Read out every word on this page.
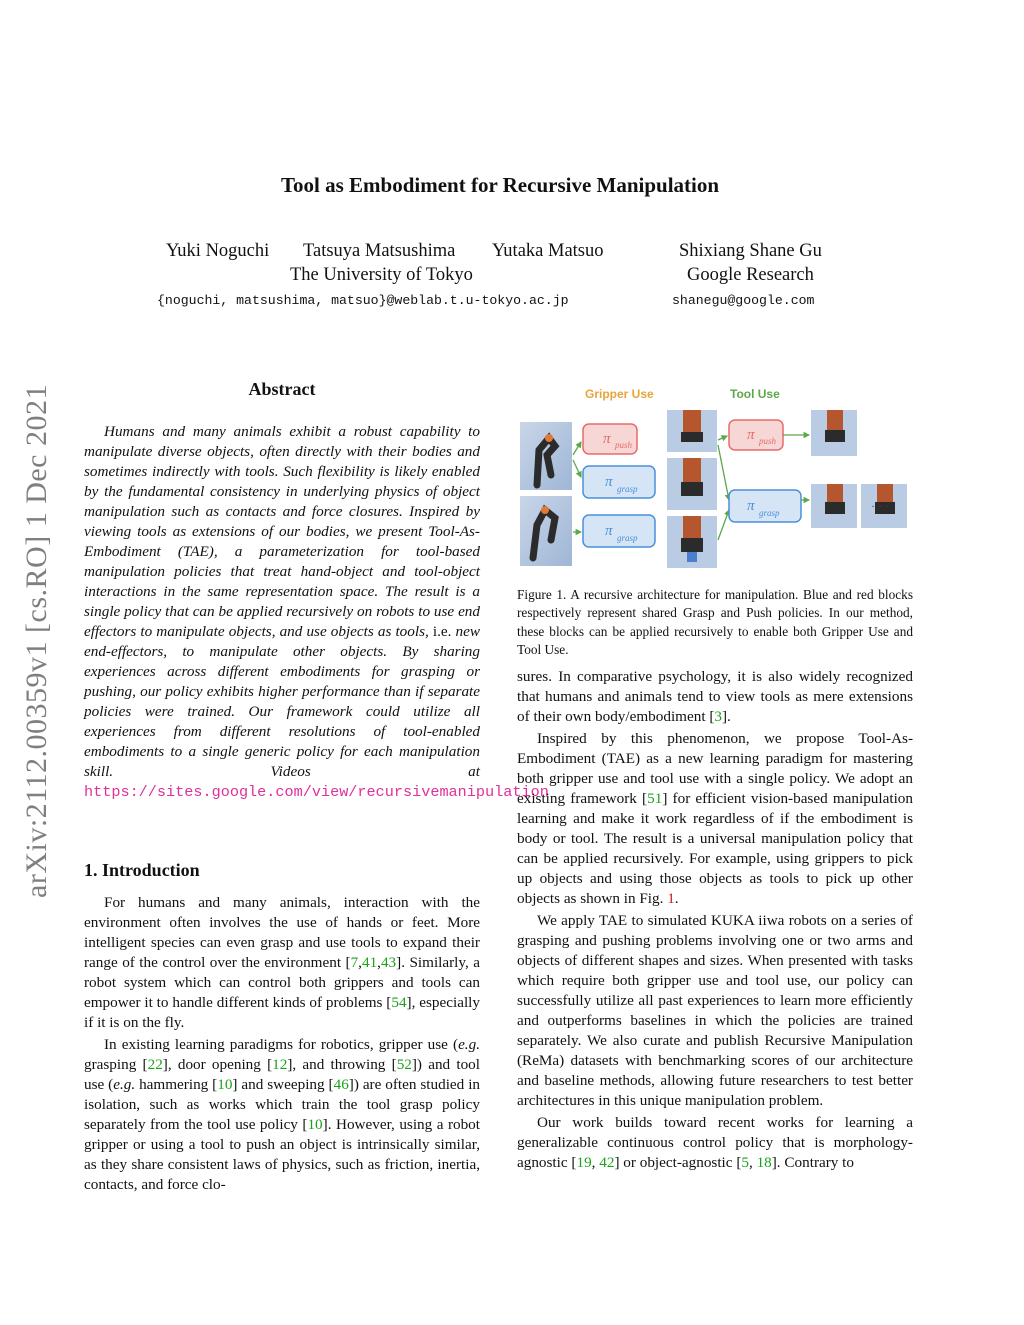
arXiv:2112.00359v1 [cs.RO] 1 Dec 2021
Tool as Embodiment for Recursive Manipulation
Yuki Noguchi Tatsuya Matsushima Yutaka Matsuo	Shixiang Shane Gu
The University of Tokyo	Google Research
{noguchi, matsushima, matsuo}@weblab.t.u-tokyo.ac.jp	shanegu@google.com
Abstract

Humans and many animals exhibit a robust capability to manipulate diverse objects, often directly with their bodies and sometimes indirectly with tools. Such flexibility is likely enabled by the fundamental consistency in underlying physics of object manipulation such as contacts and force closures. Inspired by viewing tools as extensions of our bodies, we present Tool-As-Embodiment (TAE), a parameterization for tool-based manipulation policies that treat hand-object and tool-object interactions in the same representation space. The result is a single policy that can be applied recursively on robots to use end effectors to manipulate objects, and use objects as tools, i.e. new end-effectors, to manipulate other objects. By sharing experiences across different embodiments for grasping or pushing, our policy exhibits higher performance than if separate policies were trained. Our framework could utilize all experiences from different resolutions of tool-enabled embodiments to a single generic policy for each manipulation skill. Videos at https://sites.google.com/view/recursivemanipulation

1. Introduction

For humans and many animals, interaction with the environment often involves the use of hands or feet. More intelligent species can even grasp and use tools to expand their range of the control over the environment [7,41,43]. Similarly, a robot system which can control both grippers and tools can empower it to handle different kinds of problems [54], especially if it is on the fly.

In existing learning paradigms for robotics, gripper use (e.g. grasping [22], door opening [12], and throwing [52]) and tool use (e.g. hammering [10] and sweeping [46]) are often studied in isolation, such as works which train the tool grasp policy separately from the tool use policy [10]. However, using a robot gripper or using a tool to push an object is intrinsically similar, as they share consistent laws of physics, such as friction, inertia, contacts, and force clo-

Gripper Use	Tool Use
π push
π grasp
π grasp
π push
π grasp	· · ·
Figure 1. A recursive architecture for manipulation. Blue and red blocks respectively represent shared Grasp and Push policies. In our method, these blocks can be applied recursively to enable both Gripper Use and Tool Use.

sures. In comparative psychology, it is also widely recognized that humans and animals tend to view tools as mere extensions of their own body/embodiment [3].

Inspired by this phenomenon, we propose Tool-As-Embodiment (TAE) as a new learning paradigm for mastering both gripper use and tool use with a single policy. We adopt an existing framework [51] for efficient vision-based manipulation learning and make it work regardless of if the embodiment is body or tool. The result is a universal manipulation policy that can be applied recursively. For example, using grippers to pick up objects and using those objects as tools to pick up other objects as shown in Fig. 1.

We apply TAE to simulated KUKA iiwa robots on a series of grasping and pushing problems involving one or two arms and objects of different shapes and sizes. When presented with tasks which require both gripper use and tool use, our policy can successfully utilize all past experiences to learn more efficiently and outperforms baselines in which the policies are trained separately. We also curate and publish Recursive Manipulation (ReMa) datasets with benchmarking scores of our architecture and baseline methods, allowing future researchers to test better architectures in this unique manipulation problem.

Our work builds toward recent works for learning a generalizable continuous control policy that is morphology-agnostic [19, 42] or object-agnostic [5, 18]. Contrary to
